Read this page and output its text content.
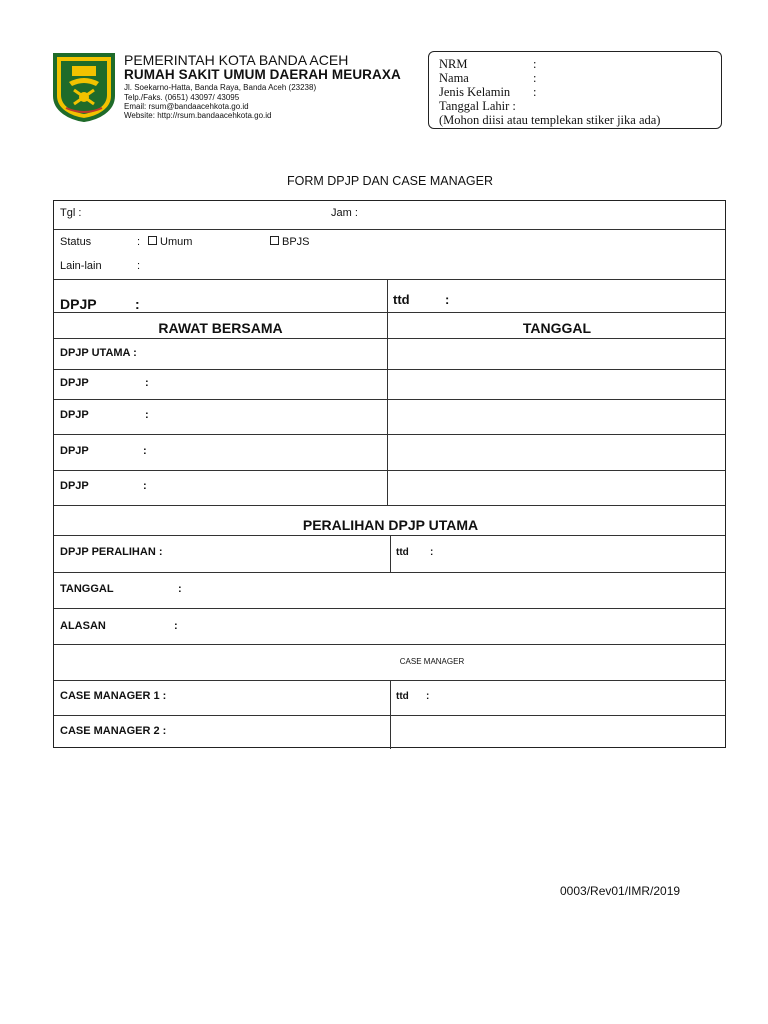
PEMERINTAH KOTA BANDA ACEH
RUMAH SAKIT UMUM DAERAH MEURAXA
Jl. Soekarno-Hatta, Banda Raya, Banda Aceh (23238)
Telp./Faks. (0651) 43097/ 43095
Email: rsum@bandaacehkota.go.id
Website: http://rsum.bandaacehkota.go.id
NRM	:
Nama	:
Jenis Kelamin :
Tanggal Lahir :
(Mohon diisi atau templekan stiker jika ada)
FORM DPJP DAN CASE MANAGER
Tgl :	Jam :
Status	:	Umum	BPJS
Lain-lain	:
DPJP	:	ttd	:
RAWAT BERSAMA	TANGGAL
DPJP UTAMA :
DPJP	:
DPJP	:
DPJP	:
DPJP	:
PERALIHAN DPJP UTAMA
DPJP PERALIHAN :	ttd :
TANGGAL	:
ALASAN	:
CASE MANAGER
CASE MANAGER 1 :	ttd :
CASE MANAGER 2 :
0003/Rev01/IMR/2019
